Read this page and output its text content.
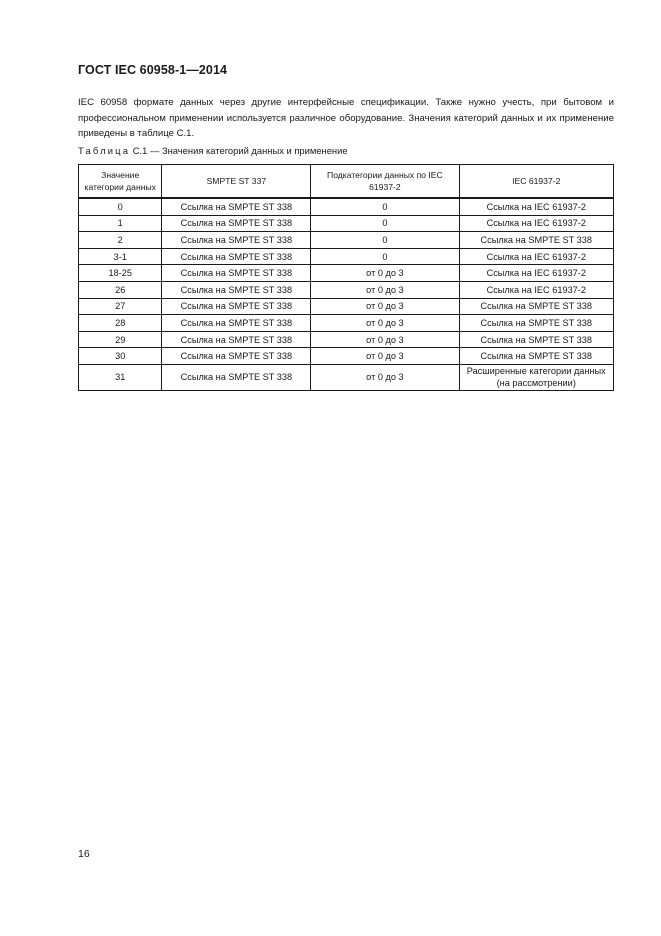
ГОСТ IEC 60958-1—2014

IEC 60958 формате данных через другие интерфейсные спецификации. Также нужно учесть, при бытовом и профессиональном применении используется различное оборудование. Значения категорий данных и их применение приведены в таблице С.1.

Таблица С.1 — Значения категорий данных и применение
Значение категории данных	SMPTE ST 337	Подкатегории данных по IEC 61937-2	IEC 61937-2
0	Ссылка на SMPTE ST 338	0	Ссылка на IEC 61937-2
1	Ссылка на SMPTE ST 338	0	Ссылка на IEC 61937-2
2	Ссылка на SMPTE ST 338	0	Ссылка на SMPTE ST 338
3-1	Ссылка на SMPTE ST 338	0	Ссылка на IEC 61937-2
18-25	Ссылка на SMPTE ST 338	от 0 до 3	Ссылка на IEC 61937-2
26	Ссылка на SMPTE ST 338	от 0 до 3	Ссылка на IEC 61937-2
27	Ссылка на SMPTE ST 338	от 0 до 3	Ссылка на SMPTE ST 338
28	Ссылка на SMPTE ST 338	от 0 до 3	Ссылка на SMPTE ST 338
29	Ссылка на SMPTE ST 338	от 0 до 3	Ссылка на SMPTE ST 338
30	Ссылка на SMPTE ST 338	от 0 до 3	Ссылка на SMPTE ST 338
31	Ссылка на SMPTE ST 338	от 0 до 3	Расширенные категории данных (на рассмотрении)
16
